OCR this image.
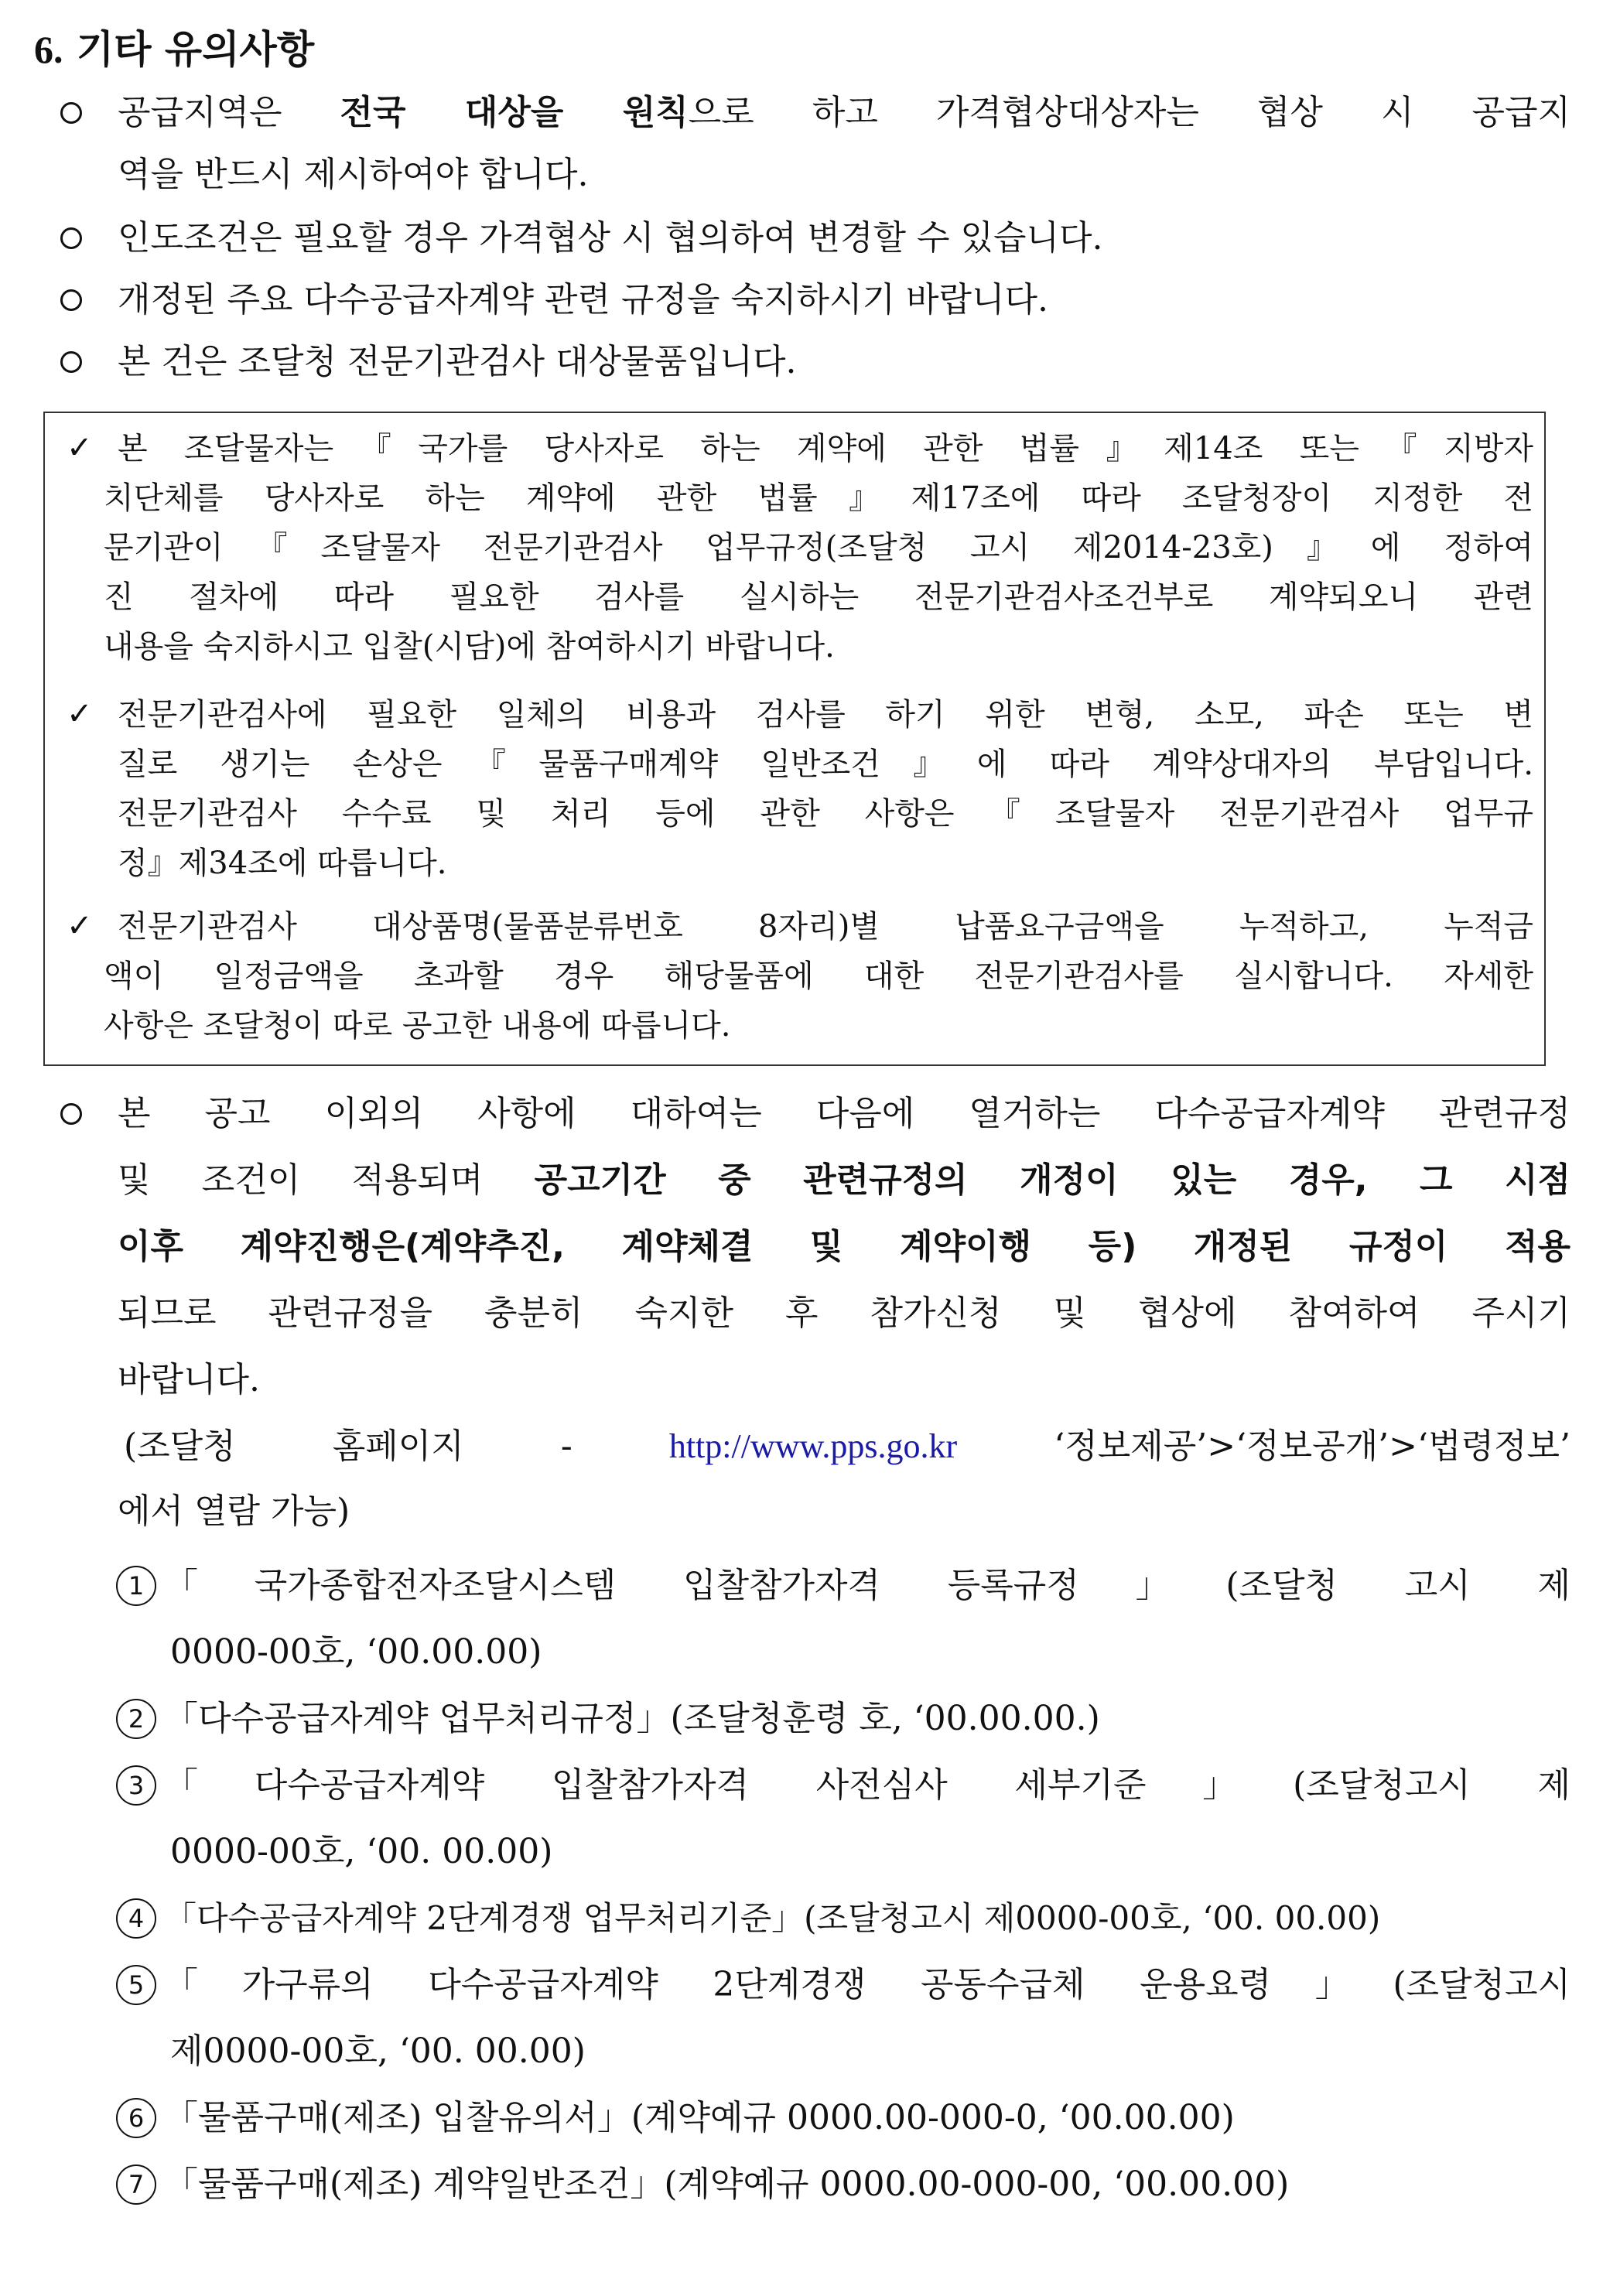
6. 기타 유의사항
공급지역은 전국 대상을 원칙으로 하고 가격협상대상자는 협상 시 공급지
역을 반드시 제시하여야 합니다.
인도조건은 필요할 경우 가격협상 시 협의하여 변경할 수 있습니다.
개정된 주요 다수공급자계약 관련 규정을 숙지하시기 바랍니다.
본 건은 조달청 전문기관검사 대상물품입니다.
✓ 본 조달물자는『국가를 당사자로 하는 계약에 관한 법률』제14조 또는『지방자
치단체를 당사자로 하는 계약에 관한 법률』제17조에 따라 조달청장이 지정한 전
문기관이『조달물자 전문기관검사 업무규정(조달청 고시 제2014-23호)』에 정하여
진 절차에 따라 필요한 검사를 실시하는 전문기관검사조건부로 계약되오니 관련
내용을 숙지하시고 입찰(시담)에 참여하시기 바랍니다.
✓ 전문기관검사에 필요한 일체의 비용과 검사를 하기 위한 변형, 소모, 파손 또는 변
질로 생기는 손상은『물품구매계약 일반조건』에 따라 계약상대자의 부담입니다.
전문기관검사 수수료 및 처리 등에 관한 사항은『조달물자 전문기관검사 업무규
정』제34조에 따릅니다.
✓ 전문기관검사 대상품명(물품분류번호 8자리)별 납품요구금액을 누적하고, 누적금
액이 일정금액을 초과할 경우 해당물품에 대한 전문기관검사를 실시합니다. 자세한
사항은 조달청이 따로 공고한 내용에 따릅니다.
본 공고 이외의 사항에 대하여는 다음에 열거하는 다수공급자계약 관련규정
및 조건이 적용되며 공고기간 중 관련규정의 개정이 있는 경우, 그 시점
이후 계약진행은(계약추진, 계약체결 및 계약이행 등) 개정된 규정이 적용
되므로 관련규정을 충분히 숙지한 후 참가신청 및 협상에 참여하여 주시기
바랍니다.
(조달청 홈페이지 - http://www.pps.go.kr ‘정보제공’>‘정보공개’>‘법령정보’
에서 열람 가능)
1 「국가종합전자조달시스템 입찰참가자격 등록규정」(조달청 고시 제
0000-00호, ‘00.00.00)
2 「다수공급자계약 업무처리규정」(조달청훈령 호, ‘00.00.00.)
3 「다수공급자계약 입찰참가자격 사전심사 세부기준」(조달청고시 제
0000-00호, ‘00. 00.00)
4 「다수공급자계약 2단계경쟁 업무처리기준」(조달청고시 제0000-00호, ‘00. 00.00)
5 「가구류의 다수공급자계약 2단계경쟁 공동수급체 운용요령」(조달청고시
제0000-00호, ‘00. 00.00)
6 「물품구매(제조) 입찰유의서」(계약예규 0000.00-000-0, ‘00.00.00)
7 「물품구매(제조) 계약일반조건」(계약예규 0000.00-000-00, ‘00.00.00)
